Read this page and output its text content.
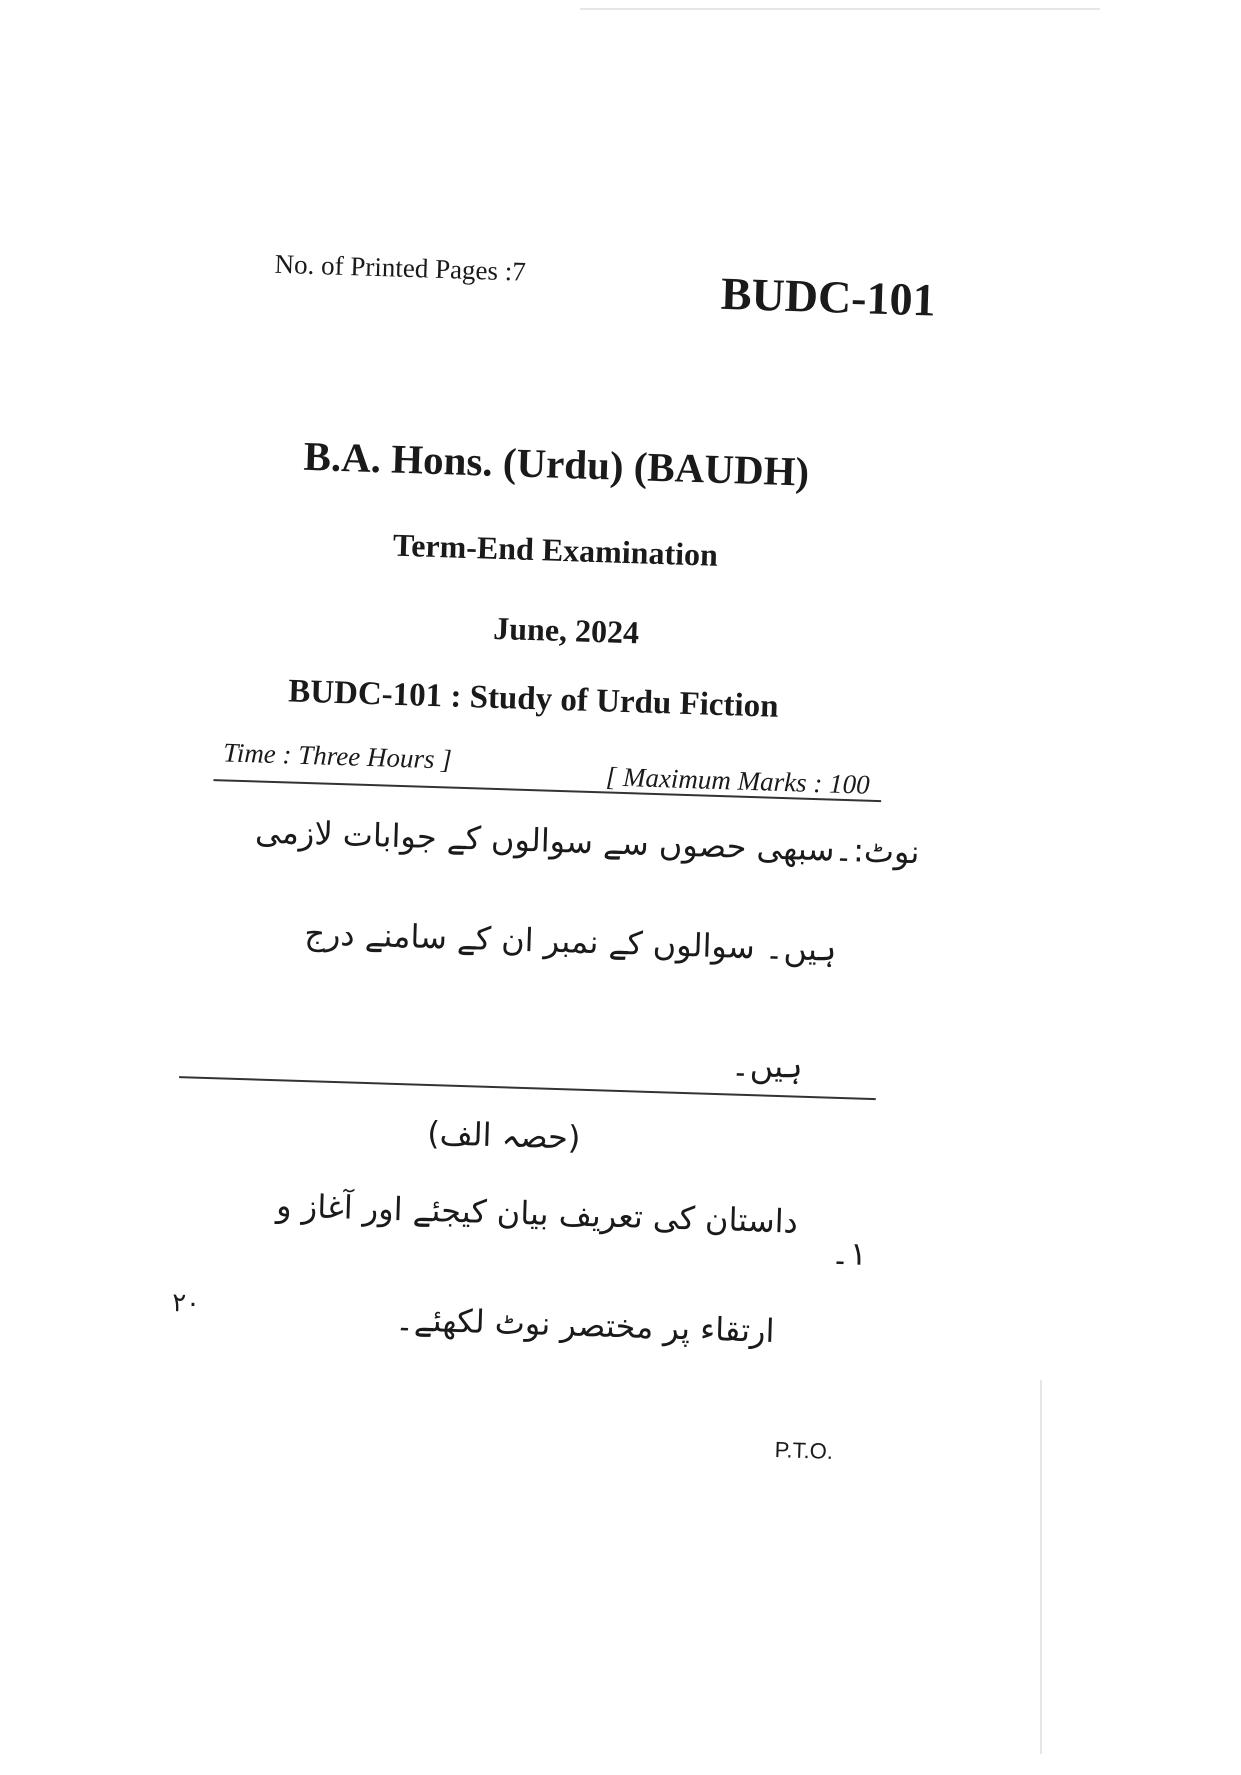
No. of Printed Pages :7
BUDC-101
B.A. Hons. (Urdu) (BAUDH)
Term-End Examination
June, 2024
BUDC-101 : Study of Urdu Fiction
Time : Three Hours ]
[ Maximum Marks : 100
نوٹ:۔سبھی حصوں سے سوالوں کے جوابات لازمی
ہیں۔ سوالوں کے نمبر ان کے سامنے درج
ہیں۔
(حصہ الف)
۱۔
داستان کی تعریف بیان کیجئے اور آغاز و
ارتقاء پر مختصر نوٹ لکھئے۔
۲۰
P.T.O.
